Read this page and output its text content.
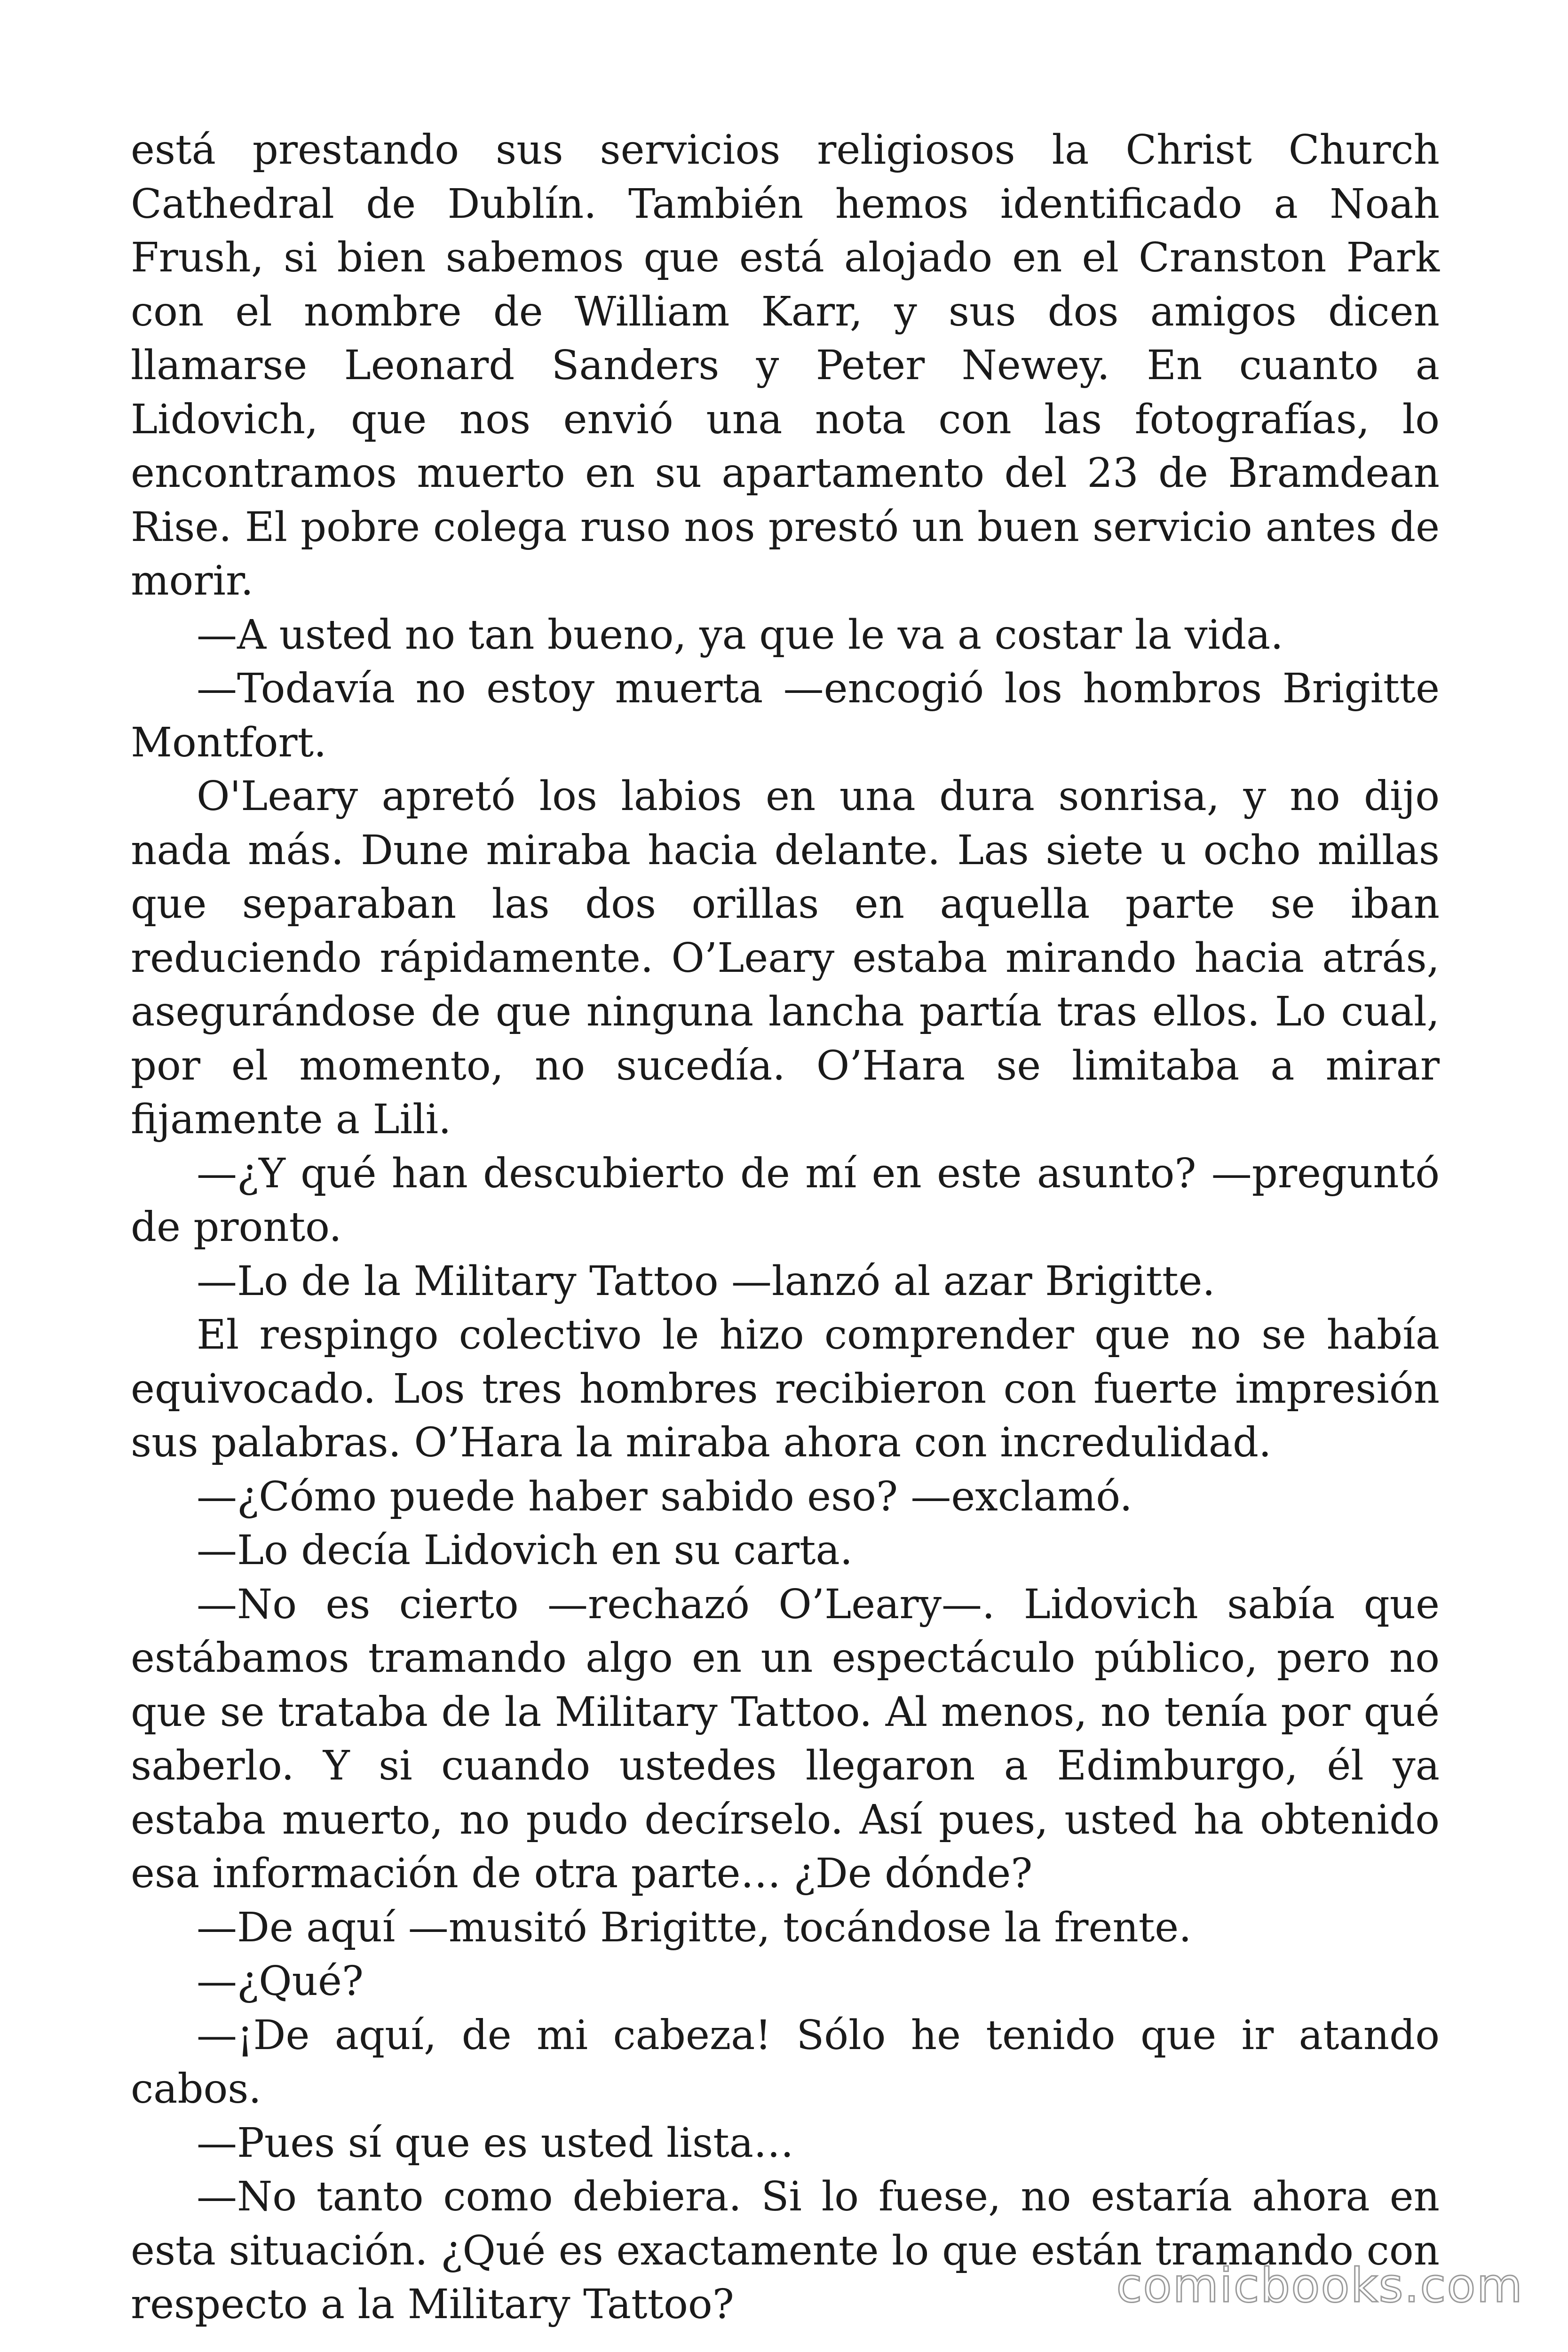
está prestando sus servicios religiosos la Christ Church Cathedral de Dublín. También hemos identificado a Noah Frush, si bien sabemos que está alojado en el Cranston Park con el nombre de William Karr, y sus dos amigos dicen llamarse Leonard Sanders y Peter Newey. En cuanto a Lidovich, que nos envió una nota con las fotografías, lo encontramos muerto en su apartamento del 23 de Bramdean Rise. El pobre colega ruso nos prestó un buen servicio antes de morir.

—A usted no tan bueno, ya que le va a costar la vida.

—Todavía no estoy muerta —encogió los hombros Brigitte Montfort.

O'Leary apretó los labios en una dura sonrisa, y no dijo nada más. Dune miraba hacia delante. Las siete u ocho millas que separaban las dos orillas en aquella parte se iban reduciendo rápidamente. O’Leary estaba mirando hacia atrás, asegurándose de que ninguna lancha partía tras ellos. Lo cual, por el momento, no sucedía. O’Hara se limitaba a mirar fijamente a Lili.

—¿Y qué han descubierto de mí en este asunto? —preguntó de pronto.

—Lo de la Military Tattoo —lanzó al azar Brigitte.

El respingo colectivo le hizo comprender que no se había equivocado. Los tres hombres recibieron con fuerte impresión sus palabras. O’Hara la miraba ahora con incredulidad.

—¿Cómo puede haber sabido eso? —exclamó.

—Lo decía Lidovich en su carta.

—No es cierto —rechazó O’Leary—. Lidovich sabía que estábamos tramando algo en un espectáculo público, pero no que se trataba de la Military Tattoo. Al menos, no tenía por qué saberlo. Y si cuando ustedes llegaron a Edimburgo, él ya estaba muerto, no pudo decírselo. Así pues, usted ha obtenido esa información de otra parte… ¿De dónde?

—De aquí —musitó Brigitte, tocándose la frente.

—¿Qué?

—¡De aquí, de mi cabeza! Sólo he tenido que ir atando cabos.

—Pues sí que es usted lista…

—No tanto como debiera. Si lo fuese, no estaría ahora en esta situación. ¿Qué es exactamente lo que están tramando con respecto a la Military Tattoo?	comicbooks.com
